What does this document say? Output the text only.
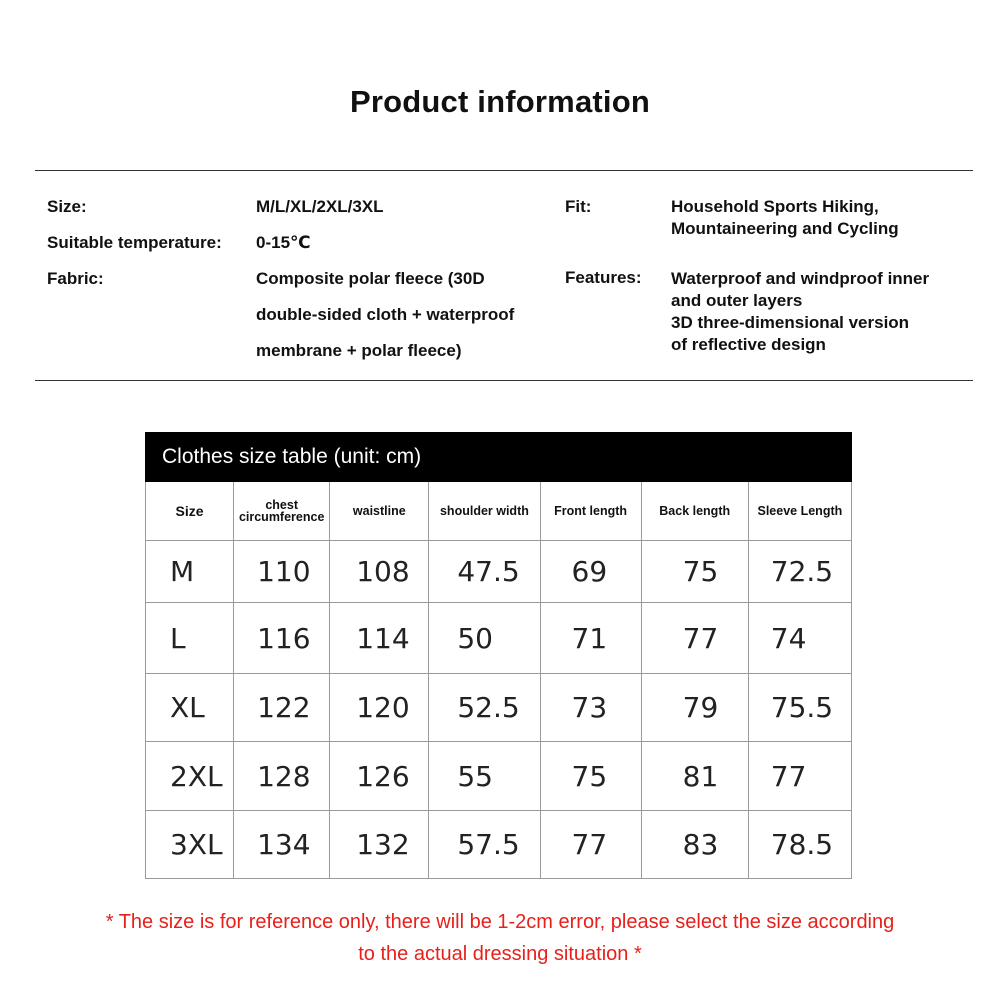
Product information
Size:	M/L/XL/2XL/3XL
Suitable temperature: 0-15℃
Fabric:	Composite polar fleece (30D
double-sided cloth + waterproof
membrane + polar fleece)
Fit:	Household Sports Hiking,
Mountaineering and Cycling
Features: Waterproof and windproof inner
and outer layers
3D three-dimensional version
of reflective design
Clothes size table (unit: cm)						
Size	chest circumference	waistline	shoulder width	Front length	Back length	Sleeve Length
M	110	108	47.5	69	75	72.5
L	116	114	50	71	77	74
XL	122	120	52.5	73	79	75.5
2XL	128	126	55	75	81	77
3XL	134	132	57.5	77	83	78.5
* The size is for reference only, there will be 1-2cm error, please select the size according
to the actual dressing situation *
